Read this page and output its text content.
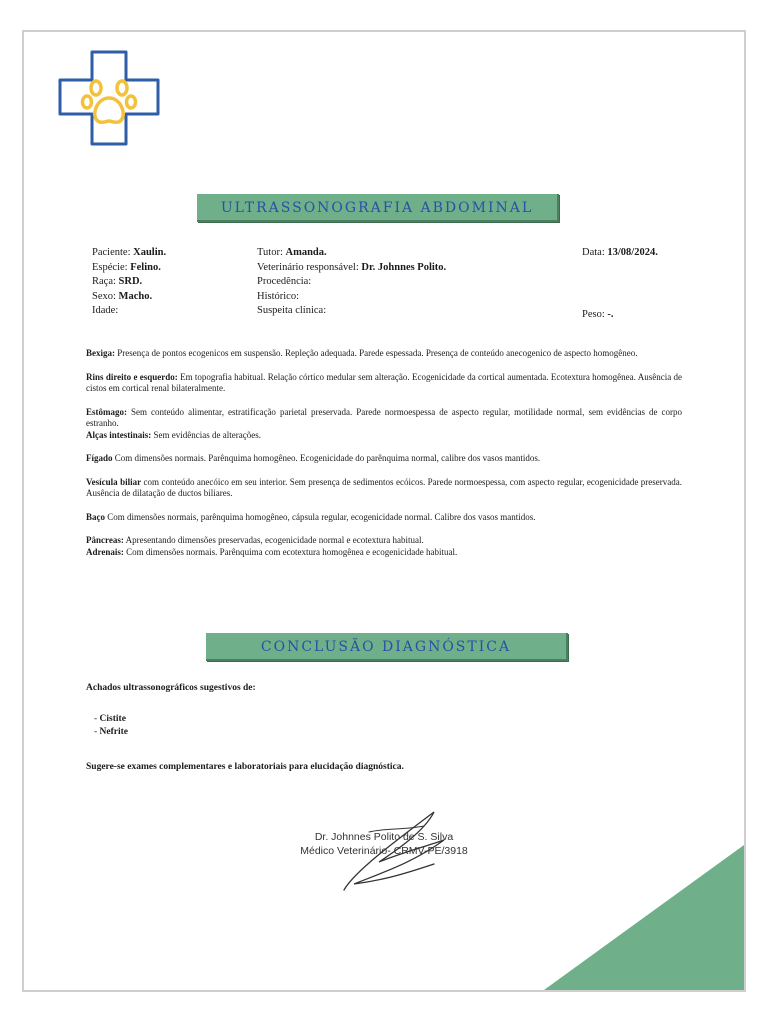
ULTRASSONOGRAFIA ABDOMINAL
Paciente: Xaulin.
Espécie: Felino.
Raça: SRD.
Sexo: Macho.
Idade:
Tutor: Amanda.
Veterinário responsável: Dr. Johnnes Polito.
Procedência:
Histórico:
Suspeita clínica:
Data: 13/08/2024.
Peso: -.

Bexiga: Presença de pontos ecogenicos em suspensão. Repleção adequada. Parede espessada. Presença de conteúdo anecogenico de aspecto homogêneo.

Rins direito e esquerdo: Em topografia habitual. Relação córtico medular sem alteração. Ecogenicidade da cortical aumentada. Ecotextura homogênea. Ausência de cistos em cortical renal bilateralmente.

Estômago: Sem conteúdo alimentar, estratificação parietal preservada. Parede normoespessa de aspecto regular, motilidade normal, sem evidências de corpo estranho.

Alças intestinais: Sem evidências de alterações.

Fígado Com dimensões normais. Parênquima homogêneo. Ecogenicidade do parênquima normal, calibre dos vasos mantidos.

Vesícula biliar com conteúdo anecóico em seu interior. Sem presença de sedimentos ecóicos. Parede normoespessa, com aspecto regular, ecogenicidade preservada. Ausência de dilatação de ductos biliares.

Baço Com dimensões normais, parênquima homogêneo, cápsula regular, ecogenicidade normal. Calibre dos vasos mantidos.

Pâncreas: Apresentando dimensões preservadas, ecogenicidade normal e ecotextura habitual.

Adrenais: Com dimensões normais. Parênquima com ecotextura homogênea e ecogenicidade habitual.

CONCLUSÃO DIAGNÓSTICA
Achados ultrassonográficos sugestivos de:
- Cistite
- Nefrite
Sugere-se exames complementares e laboratoriais para elucidação diagnóstica.
Dr. Johnnes Polito de S. Silva
Médico Veterinário- CRMV-PE/3918
